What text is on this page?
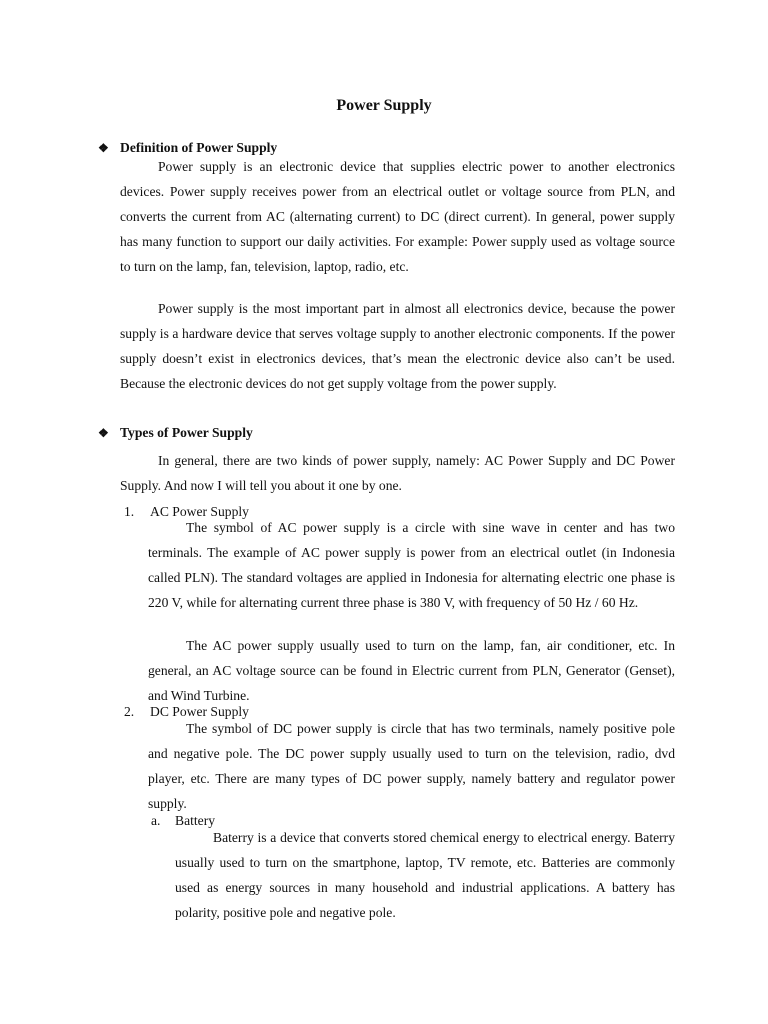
Power Supply
❖ Definition of Power Supply

Power supply is an electronic device that supplies electric power to another electronics devices. Power supply receives power from an electrical outlet or voltage source from PLN, and converts the current from AC (alternating current) to DC (direct current). In general, power supply has many function to support our daily activities. For example: Power supply used as voltage source to turn on the lamp, fan, television, laptop, radio, etc.

Power supply is the most important part in almost all electronics device, because the power supply is a hardware device that serves voltage supply to another electronic components. If the power supply doesn’t exist in electronics devices, that’s mean the electronic device also can’t be used. Because the electronic devices do not get supply voltage from the power supply.

❖ Types of Power Supply

In general, there are two kinds of power supply, namely: AC Power Supply and DC Power Supply. And now I will tell you about it one by one.

1. AC Power Supply

The symbol of AC power supply is a circle with sine wave in center and has two terminals. The example of AC power supply is power from an electrical outlet (in Indonesia called PLN). The standard voltages are applied in Indonesia for alternating electric one phase is 220 V, while for alternating current three phase is 380 V, with frequency of 50 Hz / 60 Hz.

The AC power supply usually used to turn on the lamp, fan, air conditioner, etc. In general, an AC voltage source can be found in Electric current from PLN, Generator (Genset), and Wind Turbine.

2. DC Power Supply

The symbol of DC power supply is circle that has two terminals, namely positive pole and negative pole. The DC power supply usually used to turn on the television, radio, dvd player, etc. There are many types of DC power supply, namely battery and regulator power supply.

a. Battery

Baterry is a device that converts stored chemical energy to electrical energy. Baterry usually used to turn on the smartphone, laptop, TV remote, etc. Batteries are commonly used as energy sources in many household and industrial applications. A battery has polarity, positive pole and negative pole.
